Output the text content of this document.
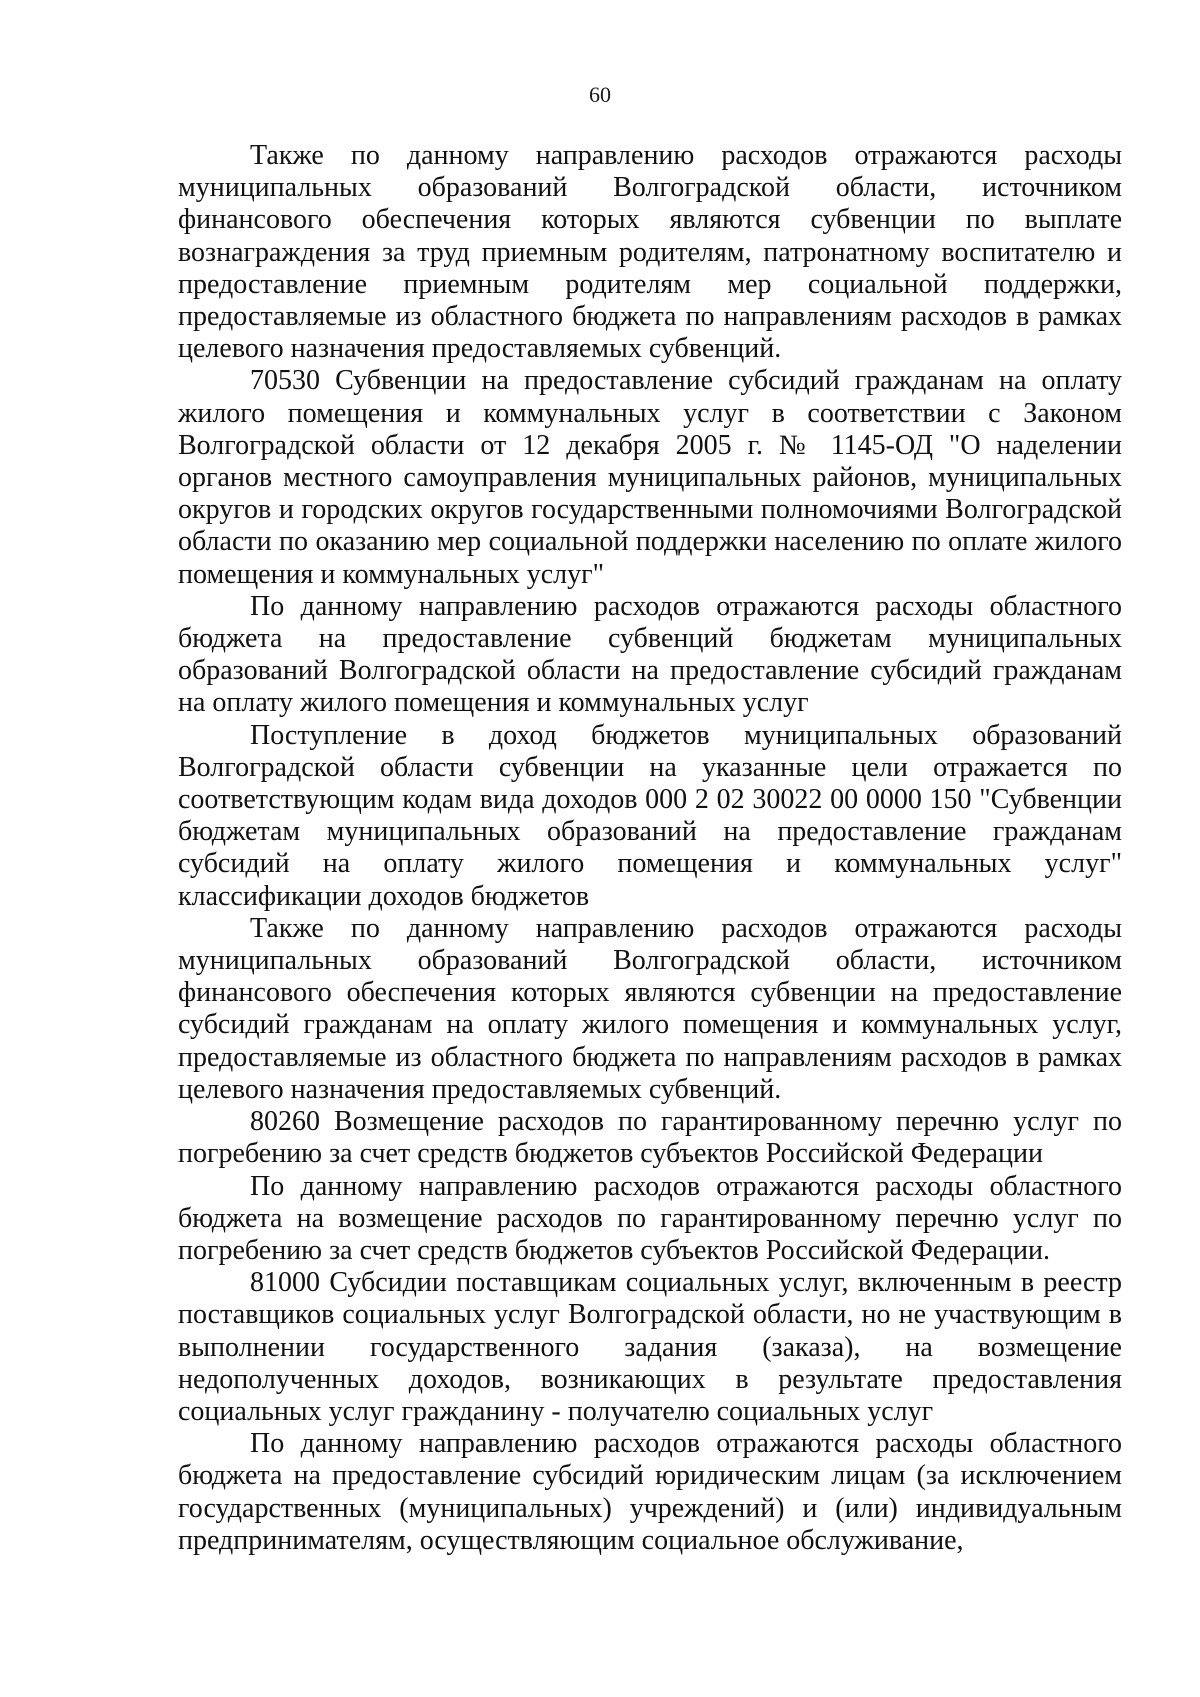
60

Также по данному направлению расходов отражаются расходы муниципальных образований Волгоградской области, источником финансового обеспечения которых являются субвенции по выплате вознаграждения за труд приемным родителям, патронатному воспитателю и предоставление приемным родителям мер социальной поддержки, предоставляемые из областного бюджета по направлениям расходов в рамках целевого назначения предоставляемых субвенций.

70530 Субвенции на предоставление субсидий гражданам на оплату жилого помещения и коммунальных услуг в соответствии с Законом Волгоградской области от 12 декабря 2005 г. № 1145-ОД "О наделении органов местного самоуправления муниципальных районов, муниципальных округов и городских округов государственными полномочиями Волгоградской области по оказанию мер социальной поддержки населению по оплате жилого помещения и коммунальных услуг"

По данному направлению расходов отражаются расходы областного бюджета на предоставление субвенций бюджетам муниципальных образований Волгоградской области на предоставление субсидий гражданам на оплату жилого помещения и коммунальных услуг

Поступление в доход бюджетов муниципальных образований Волгоградской области субвенции на указанные цели отражается по соответствующим кодам вида доходов 000 2 02 30022 00 0000 150 "Субвенции бюджетам муниципальных образований на предоставление гражданам субсидий на оплату жилого помещения и коммунальных услуг" классификации доходов бюджетов

Также по данному направлению расходов отражаются расходы муниципальных образований Волгоградской области, источником финансового обеспечения которых являются субвенции на предоставление субсидий гражданам на оплату жилого помещения и коммунальных услуг, предоставляемые из областного бюджета по направлениям расходов в рамках целевого назначения предоставляемых субвенций.

80260 Возмещение расходов по гарантированному перечню услуг по погребению за счет средств бюджетов субъектов Российской Федерации

По данному направлению расходов отражаются расходы областного бюджета на возмещение расходов по гарантированному перечню услуг по погребению за счет средств бюджетов субъектов Российской Федерации.

81000 Субсидии поставщикам социальных услуг, включенным в реестр поставщиков социальных услуг Волгоградской области, но не участвующим в выполнении государственного задания (заказа), на возмещение недополученных доходов, возникающих в результате предоставления социальных услуг гражданину - получателю социальных услуг

По данному направлению расходов отражаются расходы областного бюджета на предоставление субсидий юридическим лицам (за исключением государственных (муниципальных) учреждений) и (или) индивидуальным предпринимателям, осуществляющим социальное обслуживание,
